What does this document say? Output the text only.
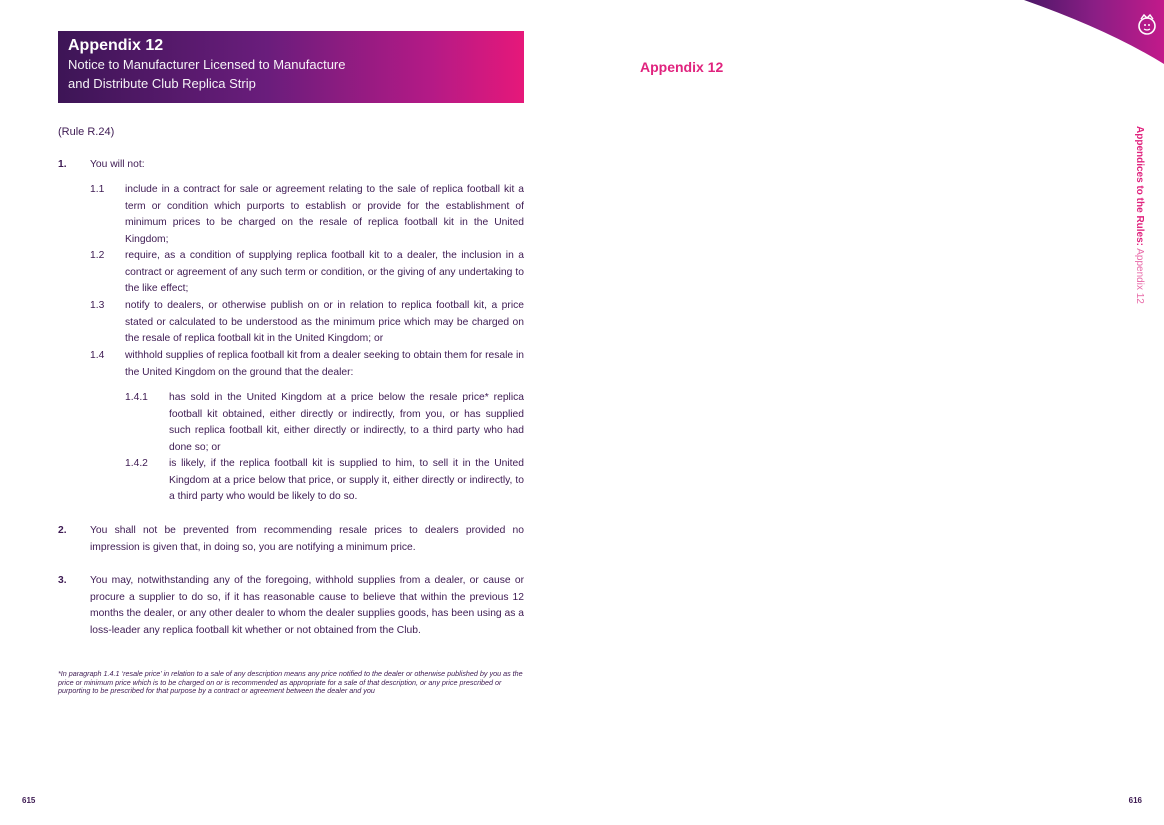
Appendix 12
Notice to Manufacturer Licensed to Manufacture
and Distribute Club Replica Strip
(Rule R.24)
1. You will not:
1.1 include in a contract for sale or agreement relating to the sale of replica football kit a term or condition which purports to establish or provide for the establishment of minimum prices to be charged on the resale of replica football kit in the United Kingdom;
1.2 require, as a condition of supplying replica football kit to a dealer, the inclusion in a contract or agreement of any such term or condition, or the giving of any undertaking to the like effect;
1.3 notify to dealers, or otherwise publish on or in relation to replica football kit, a price stated or calculated to be understood as the minimum price which may be charged on the resale of replica football kit in the United Kingdom; or
1.4 withhold supplies of replica football kit from a dealer seeking to obtain them for resale in the United Kingdom on the ground that the dealer:
1.4.1 has sold in the United Kingdom at a price below the resale price* replica football kit obtained, either directly or indirectly, from you, or has supplied such replica football kit, either directly or indirectly, to a third party who had done so; or
1.4.2 is likely, if the replica football kit is supplied to him, to sell it in the United Kingdom at a price below that price, or supply it, either directly or indirectly, to a third party who would be likely to do so.
2. You shall not be prevented from recommending resale prices to dealers provided no impression is given that, in doing so, you are notifying a minimum price.
3. You may, notwithstanding any of the foregoing, withhold supplies from a dealer, or cause or procure a supplier to do so, if it has reasonable cause to believe that within the previous 12 months the dealer, or any other dealer to whom the dealer supplies goods, has been using as a loss-leader any replica football kit whether or not obtained from the Club.
*In paragraph 1.4.1 ‘resale price’ in relation to a sale of any description means any price notified to the dealer or otherwise published by you as the price or minimum price which is to be charged on or is recommended as appropriate for a sale of that description, or any price prescribed or purporting to be prescribed for that purpose by a contract or agreement between the dealer and you
615
Appendix 12
Appendices to the Rules: Appendix 12
616
